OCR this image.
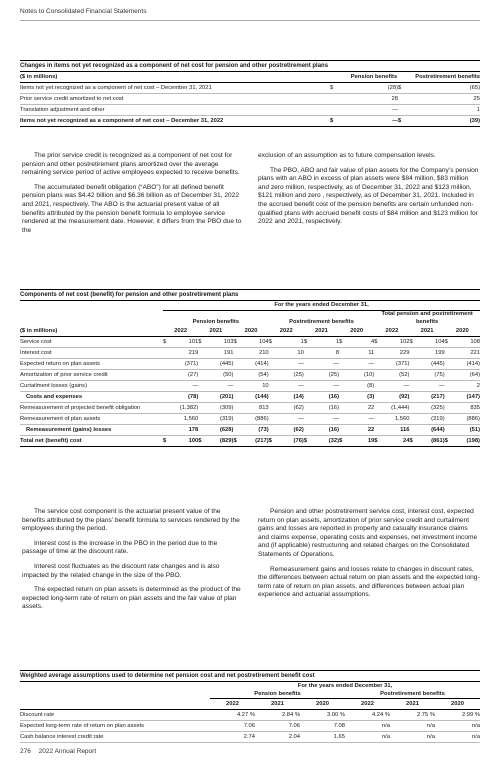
Notes to Consolidated Financial Statements
Changes in items not yet recognized as a component of net cost for pension and other postretirement plans
($ in millions)	Pension benefits		Postretirement benefits	
Items not yet recognized as a component of net cost – December 31, 2021	$	(28)	$	(65)
Prior service credit amortized to net cost		28		25
Translation adjustment and other		—		1
Items not yet recognized as a component of net cost – December 31, 2022	$	—	$	(39)

The prior service credit is recognized as a component of net cost for pension and other postretirement plans amortized over the average remaining service period of active employees expected to receive benefits.

The accumulated benefit obligation (“ABO”) for all defined benefit pension plans was $4.42 billion and $6.36 billion as of December 31, 2022 and 2021, respectively. The ABO is the actuarial present value of all benefits attributed by the pension benefit formula to employee service rendered at the measurement date. However, it differs from the PBO due to the

exclusion of an assumption as to future compensation levels.

The PBO, ABO and fair value of plan assets for the Company’s pension plans with an ABO in excess of plan assets were $84 million, $83 million and zero million, respectively, as of December 31, 2022 and $123 million, $121 million and zero , respectively, as of December 31, 2021. Included in the accrued benefit cost of the pension benefits are certain unfunded non-qualified plans with accrued benefit costs of $84 million and $123 million for 2022 and 2021, respectively.

Components of net cost (benefit) for pension and other postretirement plans
	For the years ended December 31,																	
	Pension benefits						Postretirement benefits						Total pension and postretirement benefits					
($ in millions)	2022		2021		2020		2022		2021		2020		2022		2021		2020	
Service cost	$	101	$	103	$	104	$	1	$	1	$	4	$	102	$	104	$	108
Interest cost		219		191		210		10		8		11		229		199		221
Expected return on plan assets		(371)		(445)		(414)		—		—		—		(371)		(445)		(414)
Amortization of prior service credit		(27)		(50)		(54)		(25)		(25)		(10)		(52)		(75)		(64)
Curtailment losses (gains)		—		—		10		—		—		(8)		—		—		2
Costs and expenses		(78)		(201)		(144)		(14)		(16)		(3)		(92)		(217)		(147)
Remeasurement of projected benefit obligation		(1,382)		(309)		813		(62)		(16)		22		(1,444)		(325)		835
Remeasurement of plan assets		1,560		(319)		(886)		—		—		—		1,560		(319)		(886)
Remeasurement (gains) losses		178		(628)		(73)		(62)		(16)		22		116		(644)		(51)
Total net (benefit) cost	$	100	$	(829)	$	(217)	$	(76)	$	(32)	$	19	$	24	$	(861)	$	(198)

The service cost component is the actuarial present value of the benefits attributed by the plans’ benefit formula to services rendered by the employees during the period.

Interest cost is the increase in the PBO in the period due to the passage of time at the discount rate.

Interest cost fluctuates as the discount rate changes and is also impacted by the related change in the size of the PBO.

The expected return on plan assets is determined as the product of the expected long-term rate of return on plan assets and the fair value of plan assets.

Pension and other postretirement service cost, interest cost, expected return on plan assets, amortization of prior service credit and curtailment gains and losses are reported in property and casualty insurance claims and claims expense, operating costs and expenses, net investment income and (if applicable) restructuring and related charges on the Consolidated Statements of Operations.

Remeasurement gains and losses relate to changes in discount rates, the differences between actual return on plan assets and the expected long-term rate of return on plan assets, and differences between actual plan experience and actuarial assumptions.

Weighted average assumptions used to determine net pension cost and net postretirement benefit cost
	For the years ended December 31,					
	Pension benefits			Postretirement benefits		
	2022	2021	2020	2022	2021	2020
Discount rate	4.27 %	2.84 %	3.00 %	4.24 %	2.75 %	2.99 %
Expected long-term rate of return on plan assets	7.06	7.06	7.08	n/a	n/a	n/a
Cash balance interest credit rate	2.74	2.04	1.65	n/a	n/a	n/a
276 2022 Annual Report
